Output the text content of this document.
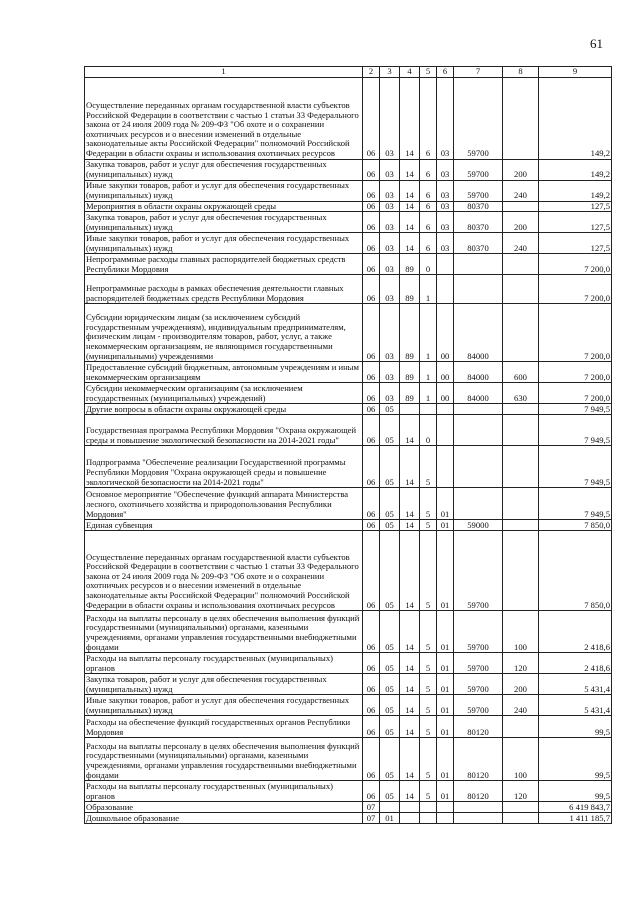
61
1	2	3	4	5	6	7	8	9
Осуществление переданных органам государственной власти субъектов Российской Федерации в соответствии с частью 1 статьи 33 Федерального закона от 24 июля 2009 года № 209-ФЗ "Об охоте и о сохранении охотничьих ресурсов и о внесении изменений в отдельные законодательные акты Российской Федерации" полномочий Российской Федерации в области охраны и использования охотничьих ресурсов	06	03	14	6	03	59700		149,2
Закупка товаров, работ и услуг для обеспечения государственных (муниципальных) нужд	06	03	14	6	03	59700	200	149,2
Иные закупки товаров, работ и услуг для обеспечения государственных (муниципальных) нужд	06	03	14	6	03	59700	240	149,2
Мероприятия в области охраны окружающей среды	06	03	14	6	03	80370		127,5
Закупка товаров, работ и услуг для обеспечения государственных (муниципальных) нужд	06	03	14	6	03	80370	200	127,5
Иные закупки товаров, работ и услуг для обеспечения государственных (муниципальных) нужд	06	03	14	6	03	80370	240	127,5
Непрограммные расходы главных распорядителей бюджетных средств Республики Мордовия	06	03	89	0				7 200,0
Непрограммные расходы в рамках обеспечения деятельности главных распорядителей бюджетных средств Республики Мордовия	06	03	89	1				7 200,0
Субсидии юридическим лицам (за исключением субсидий государственным учреждениям), индивидуальным предпринимателям, физическим лицам - производителям товаров, работ, услуг, а также некоммерческим организациям, не являющимся государственными (муниципальными) учреждениями	06	03	89	1	00	84000		7 200,0
Предоставление субсидий бюджетным, автономным учреждениям и иным некоммерческим организациям	06	03	89	1	00	84000	600	7 200,0
Субсидии некоммерческим организациям (за исключением государственных (муниципальных) учреждений)	06	03	89	1	00	84000	630	7 200,0
Другие вопросы в области охраны окружающей среды	06	05						7 949,5
Государственная программа Республики Мордовия "Охрана окружающей среды и повышение экологической безопасности на 2014-2021 годы"	06	05	14	0				7 949,5
Подпрограмма "Обеспечение реализации Государственной программы Республики Мордовия "Охрана окружающей среды и повышение экологической безопасности на 2014-2021 годы"	06	05	14	5				7 949,5
Основное мероприятие "Обеспечение функций аппарата Министерства лесного, охотничьего хозяйства и природопользования Республики Мордовия"	06	05	14	5	01			7 949,5
Единая субвенция	06	05	14	5	01	59000		7 850,0
Осуществление переданных органам государственной власти субъектов Российской Федерации в соответствии с частью 1 статьи 33 Федерального закона от 24 июля 2009 года № 209-ФЗ "Об охоте и о сохранении охотничьих ресурсов и о внесении изменений в отдельные законодательные акты Российской Федерации" полномочий Российской Федерации в области охраны и использования охотничьих ресурсов	06	05	14	5	01	59700		7 850,0
Расходы на выплаты персоналу в целях обеспечения выполнения функций государственными (муниципальными) органами, казенными учреждениями, органами управления государственными внебюджетными фондами	06	05	14	5	01	59700	100	2 418,6
Расходы на выплаты персоналу государственных (муниципальных) органов	06	05	14	5	01	59700	120	2 418,6
Закупка товаров, работ и услуг для обеспечения государственных (муниципальных) нужд	06	05	14	5	01	59700	200	5 431,4
Иные закупки товаров, работ и услуг для обеспечения государственных (муниципальных) нужд	06	05	14	5	01	59700	240	5 431,4
Расходы на обеспечение функций государственных органов Республики Мордовия	06	05	14	5	01	80120		99,5
Расходы на выплаты персоналу в целях обеспечения выполнения функций государственными (муниципальными) органами, казенными учреждениями, органами управления государственными внебюджетными фондами	06	05	14	5	01	80120	100	99,5
Расходы на выплаты персоналу государственных (муниципальных) органов	06	05	14	5	01	80120	120	99,5
Образование	07							6 419 843,7
Дошкольное образование	07	01						1 411 185,7
